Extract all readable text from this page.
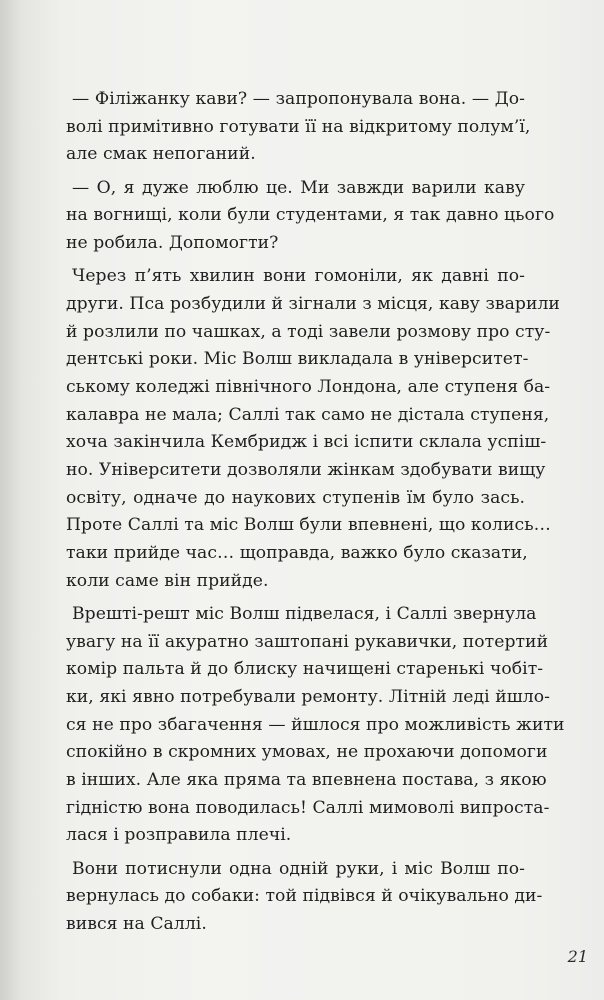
— Філіжанку кави? — запропонувала вона. — До-
волі примітивно готувати її на відкритому полум’ї,
але смак непоганий.
— О, я дуже люблю це. Ми завжди варили каву
на вогнищі, коли були студентами, я так давно цього
не робила. Допомогти?
Через п’ять хвилин вони гомоніли, як давні по-
други. Пса розбудили й зігнали з місця, каву зварили
й розлили по чашках, а тоді завели розмову про сту-
дентські роки. Міс Волш викладала в університет-
ському коледжі північного Лондона, але ступеня ба-
калавра не мала; Саллі так само не дістала ступеня,
хоча закінчила Кембридж і всі іспити склала успіш-
но. Університети дозволяли жінкам здобувати вищу
освіту, одначе до наукових ступенів їм було зась.
Проте Саллі та міс Волш були впевнені, що колись…
таки прийде час… щоправда, важко було сказати,
коли саме він прийде.
Врешті-решт міс Волш підвелася, і Саллі звернула
увагу на її акуратно заштопані рукавички, потертий
комір пальта й до блиску начищені старенькі чобіт-
ки, які явно потребували ремонту. Літній леді йшло-
ся не про збагачення — йшлося про можливість жити
спокійно в скромних умовах, не прохаючи допомоги
в інших. Але яка пряма та впевнена постава, з якою
гідністю вона поводилась! Саллі мимоволі випроста-
лася і розправила плечі.
Вони потиснули одна одній руки, і міс Волш по-
вернулась до собаки: той підвівся й очікувально ди-
вився на Саллі.
21
